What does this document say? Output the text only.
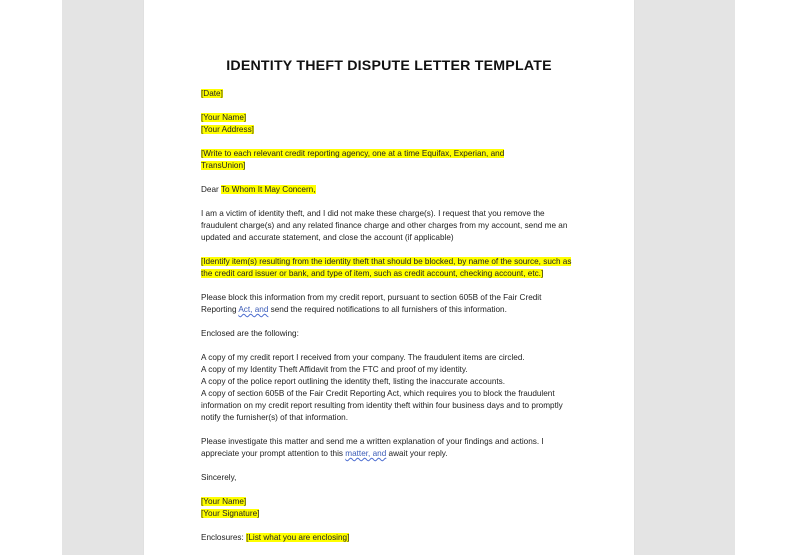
IDENTITY THEFT DISPUTE LETTER TEMPLATE
[Date]
[Your Name]
[Your Address]
[Write to each relevant credit reporting agency, one at a time Equifax, Experian, and
TransUnion]
Dear To Whom It May Concern,
I am a victim of identity theft, and I did not make these charge(s). I request that you remove the
fraudulent charge(s) and any related finance charge and other charges from my account, send me an
updated and accurate statement, and close the account (if applicable)
[Identify item(s) resulting from the identity theft that should be blocked, by name of the source, such as
the credit card issuer or bank, and type of item, such as credit account, checking account, etc.]
Please block this information from my credit report, pursuant to section 605B of the Fair Credit
Reporting Act, and send the required notifications to all furnishers of this information.
Enclosed are the following:
A copy of my credit report I received from your company. The fraudulent items are circled.
A copy of my Identity Theft Affidavit from the FTC and proof of my identity.
A copy of the police report outlining the identity theft, listing the inaccurate accounts.
A copy of section 605B of the Fair Credit Reporting Act, which requires you to block the fraudulent
information on my credit report resulting from identity theft within four business days and to promptly
notify the furnisher(s) of that information.
Please investigate this matter and send me a written explanation of your findings and actions. I
appreciate your prompt attention to this matter, and await your reply.
Sincerely,
[Your Name]
[Your Signature]
Enclosures: [List what you are enclosing]
